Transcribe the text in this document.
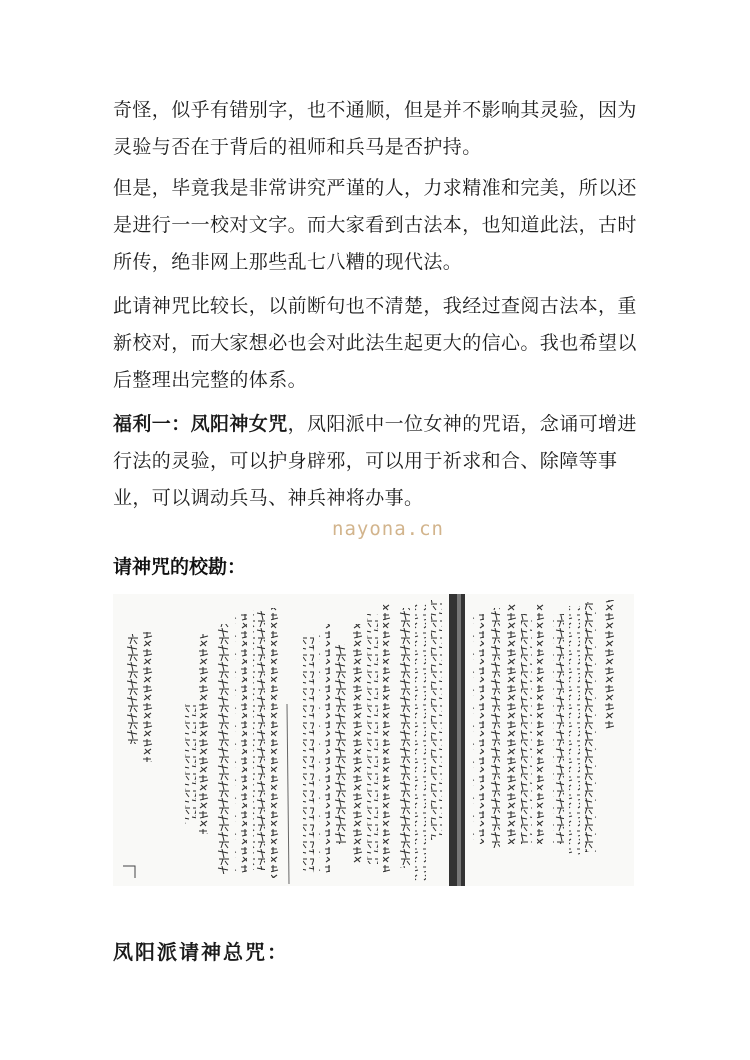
奇怪，似乎有错别字，也不通顺，但是并不影响其灵验，因为灵验与否在于背后的祖师和兵马是否护持。

但是，毕竟我是非常讲究严谨的人，力求精准和完美，所以还是进行一一校对文字。而大家看到古法本，也知道此法，古时所传，绝非网上那些乱七八糟的现代法。

此请神咒比较长，以前断句也不清楚，我经过查阅古法本，重新校对，而大家想必也会对此法生起更大的信心。我也希望以后整理出完整的体系。

福利一：凤阳神女咒，凤阳派中一位女神的咒语，念诵可增进行法的灵验，可以护身辟邪，可以用于祈求和合、除障等事业，可以调动兵马、神兵神将办事。

nayona.cn

请神咒的校勘：

凤阳派请神总咒：
